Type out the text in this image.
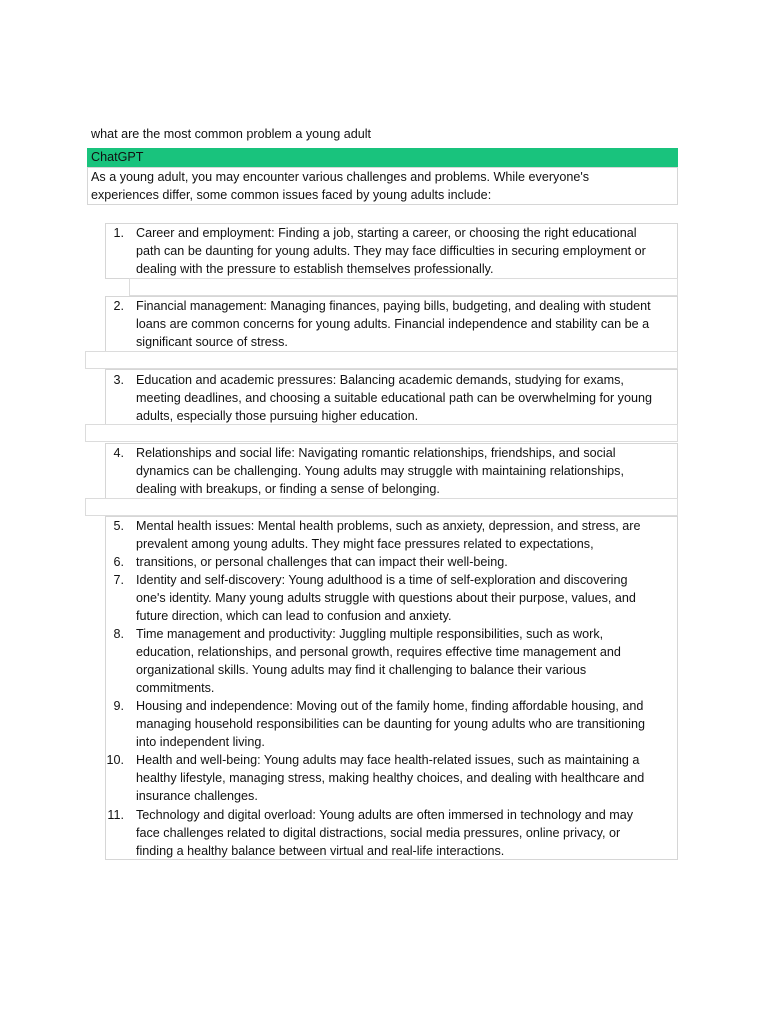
what are the most common problem a young adult
ChatGPT
As a young adult, you may encounter various challenges and problems. While everyone's
experiences differ, some common issues faced by young adults include:
1. Career and employment: Finding a job, starting a career, or choosing the right educational
path can be daunting for young adults. They may face difficulties in securing employment or
dealing with the pressure to establish themselves professionally.
2. Financial management: Managing finances, paying bills, budgeting, and dealing with student
loans are common concerns for young adults. Financial independence and stability can be a
significant source of stress.
3. Education and academic pressures: Balancing academic demands, studying for exams,
meeting deadlines, and choosing a suitable educational path can be overwhelming for young
adults, especially those pursuing higher education.
4. Relationships and social life: Navigating romantic relationships, friendships, and social
dynamics can be challenging. Young adults may struggle with maintaining relationships,
dealing with breakups, or finding a sense of belonging.
5. Mental health issues: Mental health problems, such as anxiety, depression, and stress, are
prevalent among young adults. They might face pressures related to expectations,
6. transitions, or personal challenges that can impact their well-being.
7. Identity and self-discovery: Young adulthood is a time of self-exploration and discovering
one's identity. Many young adults struggle with questions about their purpose, values, and
future direction, which can lead to confusion and anxiety.
8. Time management and productivity: Juggling multiple responsibilities, such as work,
education, relationships, and personal growth, requires effective time management and
organizational skills. Young adults may find it challenging to balance their various
commitments.
9. Housing and independence: Moving out of the family home, finding affordable housing, and
managing household responsibilities can be daunting for young adults who are transitioning
into independent living.
10. Health and well-being: Young adults may face health-related issues, such as maintaining a
healthy lifestyle, managing stress, making healthy choices, and dealing with healthcare and
insurance challenges.
11. Technology and digital overload: Young adults are often immersed in technology and may
face challenges related to digital distractions, social media pressures, online privacy, or
finding a healthy balance between virtual and real-life interactions.
